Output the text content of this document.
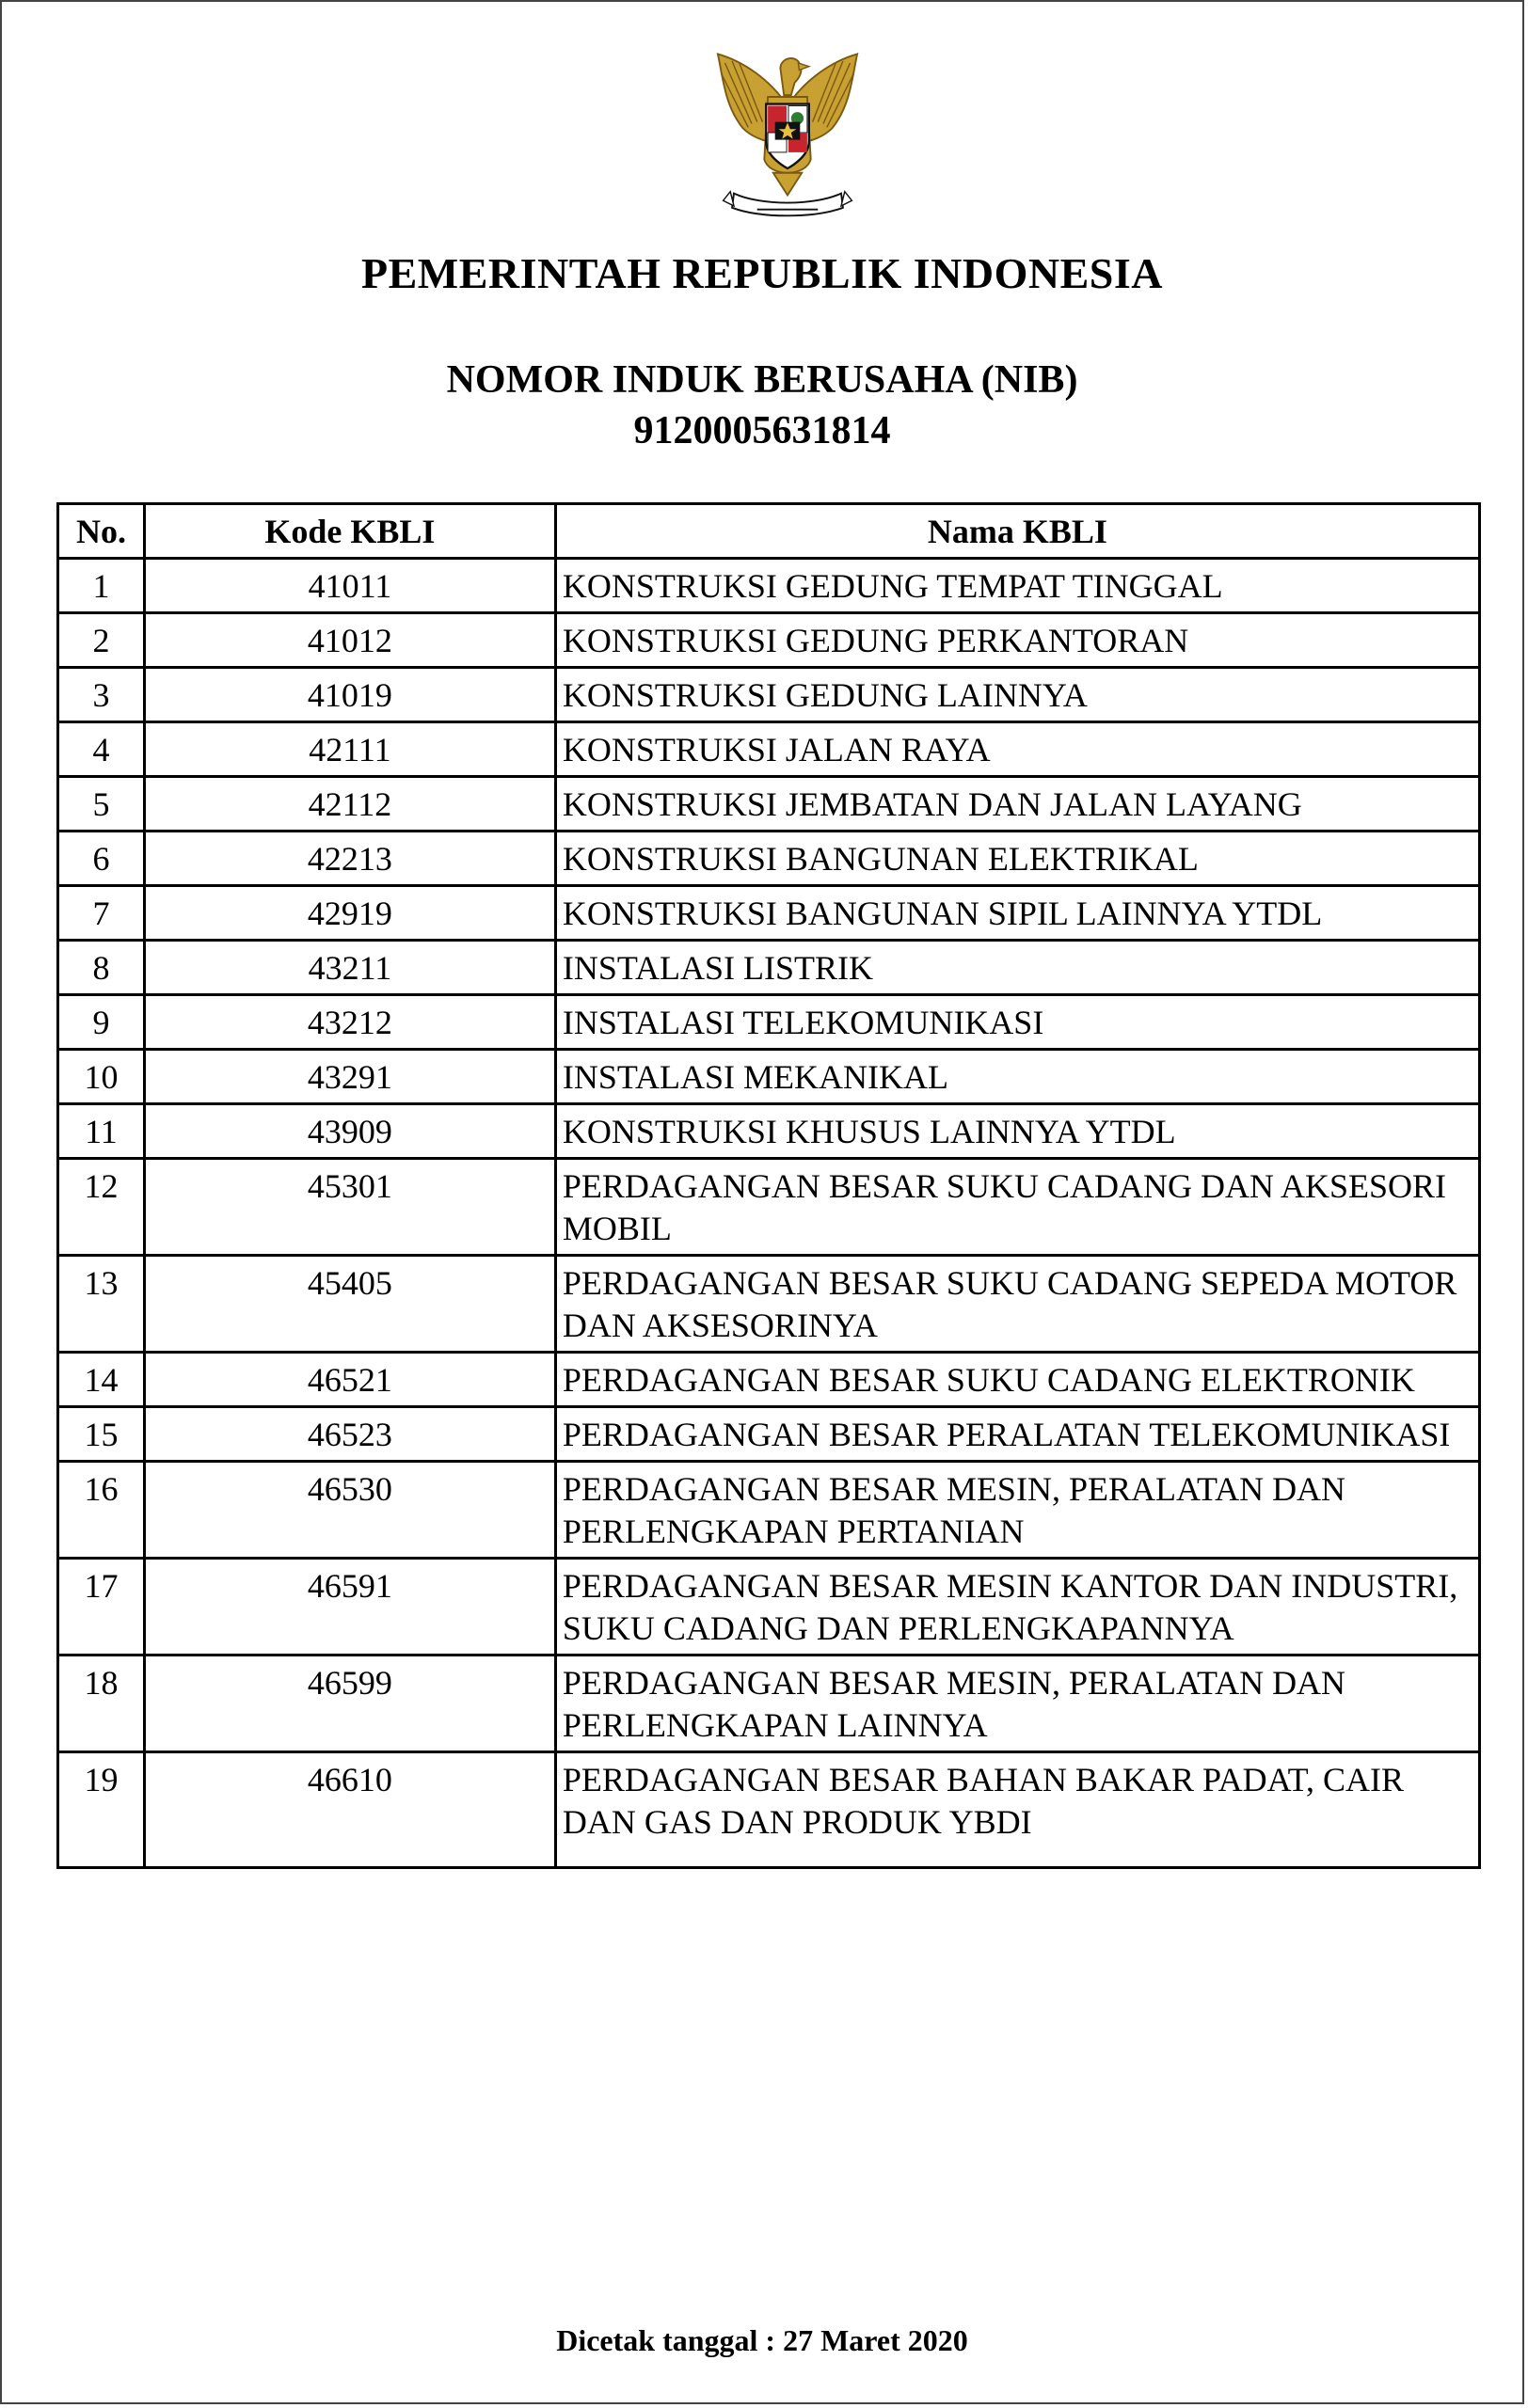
PEMERINTAH REPUBLIK INDONESIA
NOMOR INDUK BERUSAHA (NIB)
9120005631814
No.	Kode KBLI	Nama KBLI
1	41011	KONSTRUKSI GEDUNG TEMPAT TINGGAL
2	41012	KONSTRUKSI GEDUNG PERKANTORAN
3	41019	KONSTRUKSI GEDUNG LAINNYA
4	42111	KONSTRUKSI JALAN RAYA
5	42112	KONSTRUKSI JEMBATAN DAN JALAN LAYANG
6	42213	KONSTRUKSI BANGUNAN ELEKTRIKAL
7	42919	KONSTRUKSI BANGUNAN SIPIL LAINNYA YTDL
8	43211	INSTALASI LISTRIK
9	43212	INSTALASI TELEKOMUNIKASI
10	43291	INSTALASI MEKANIKAL
11	43909	KONSTRUKSI KHUSUS LAINNYA YTDL
12	45301	PERDAGANGAN BESAR SUKU CADANG DAN AKSESORI MOBIL
13	45405	PERDAGANGAN BESAR SUKU CADANG SEPEDA MOTOR DAN AKSESORINYA
14	46521	PERDAGANGAN BESAR SUKU CADANG ELEKTRONIK
15	46523	PERDAGANGAN BESAR PERALATAN TELEKOMUNIKASI
16	46530	PERDAGANGAN BESAR MESIN, PERALATAN DAN PERLENGKAPAN PERTANIAN
17	46591	PERDAGANGAN BESAR MESIN KANTOR DAN INDUSTRI, SUKU CADANG DAN PERLENGKAPANNYA
18	46599	PERDAGANGAN BESAR MESIN, PERALATAN DAN PERLENGKAPAN LAINNYA
19	46610	PERDAGANGAN BESAR BAHAN BAKAR PADAT, CAIR DAN GAS DAN PRODUK YBDI
Dicetak tanggal : 27 Maret 2020
